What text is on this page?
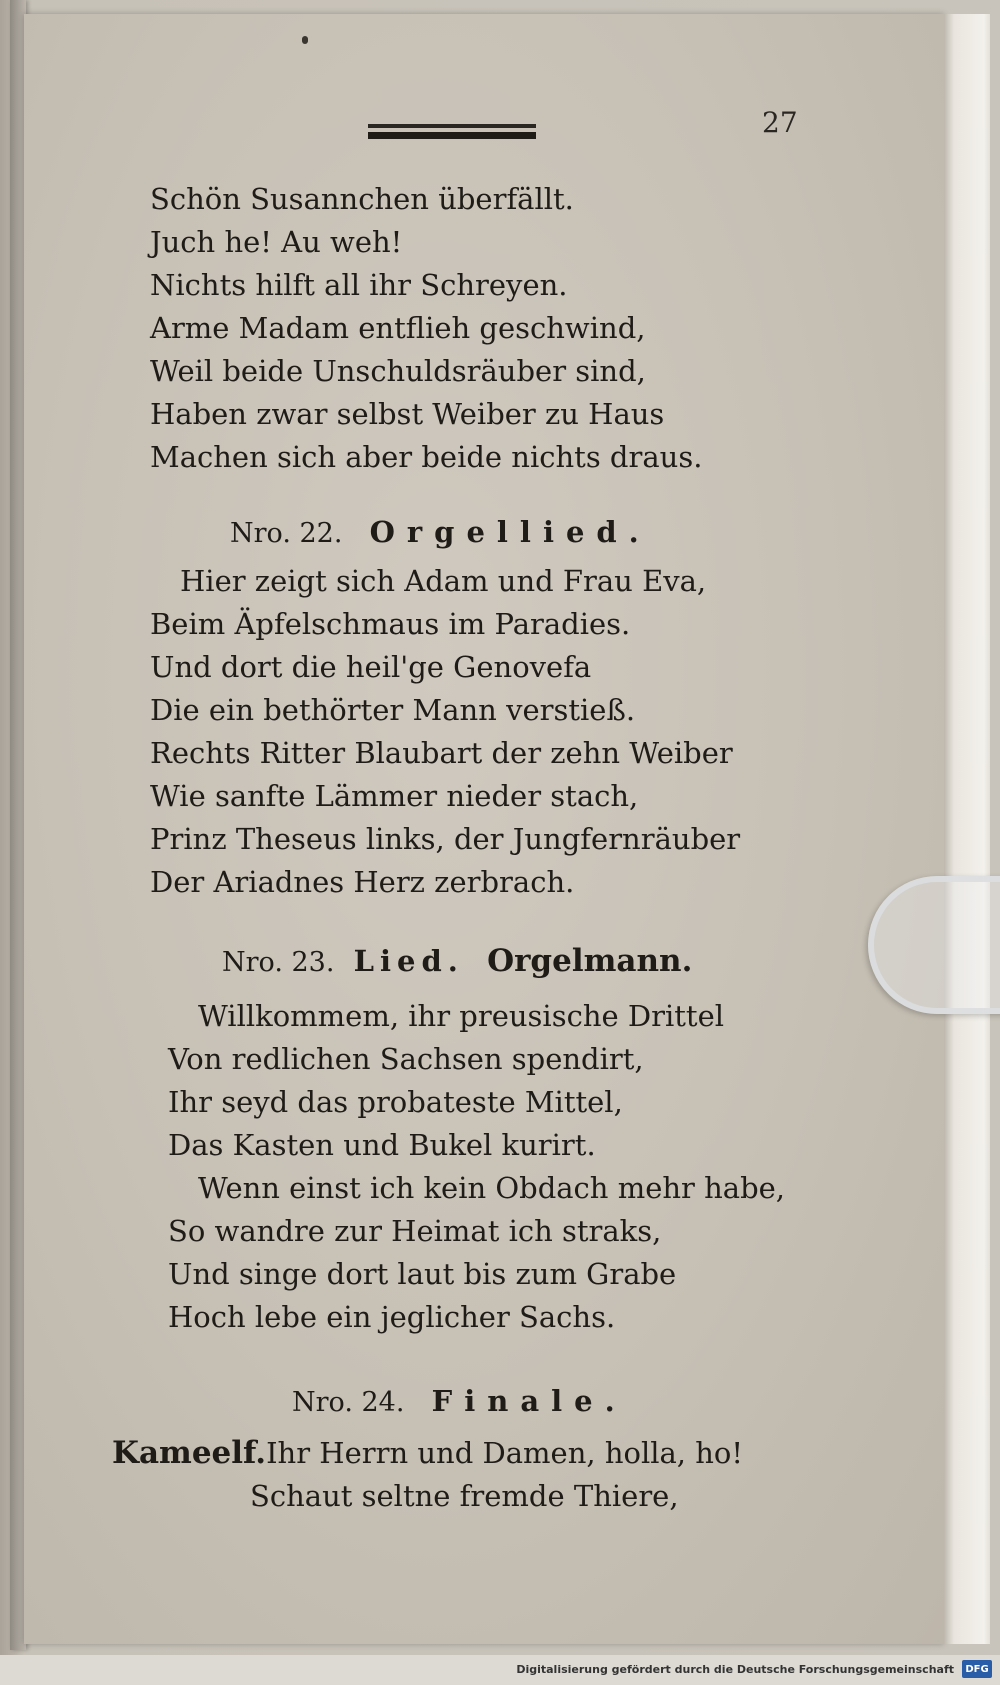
27
Schön Susannchen überfällt.
Juch he! Au weh!
Nichts hilft all ihr Schreyen.
Arme Madam entflieh geschwind,
Weil beide Unschuldsräuber sind,
Haben zwar selbst Weiber zu Haus
Machen sich aber beide nichts draus.
Nro. 22. Orgellied.
Hier zeigt sich Adam und Frau Eva,
Beim Äpfelschmaus im Paradies.
Und dort die heil'ge Genovefa
Die ein bethörter Mann verstieß.
Rechts Ritter Blaubart der zehn Weiber
Wie sanfte Lämmer nieder stach,
Prinz Theseus links, der Jungfernräuber
Der Ariadnes Herz zerbrach.
Nro. 23. Lied. Orgelmann.
Willkommem, ihr preusische Drittel
Von redlichen Sachsen spendirt,
Ihr seyd das probateste Mittel,
Das Kasten und Bukel kurirt.
Wenn einst ich kein Obdach mehr habe,
So wandre zur Heimat ich straks,
Und singe dort laut bis zum Grabe
Hoch lebe ein jeglicher Sachs.
Nro. 24. Finale.
Kameelf.Ihr Herrn und Damen, holla, ho!
Schaut seltne fremde Thiere,
Digitalisierung gefördert durch die Deutsche Forschungsgemeinschaft	DFG
